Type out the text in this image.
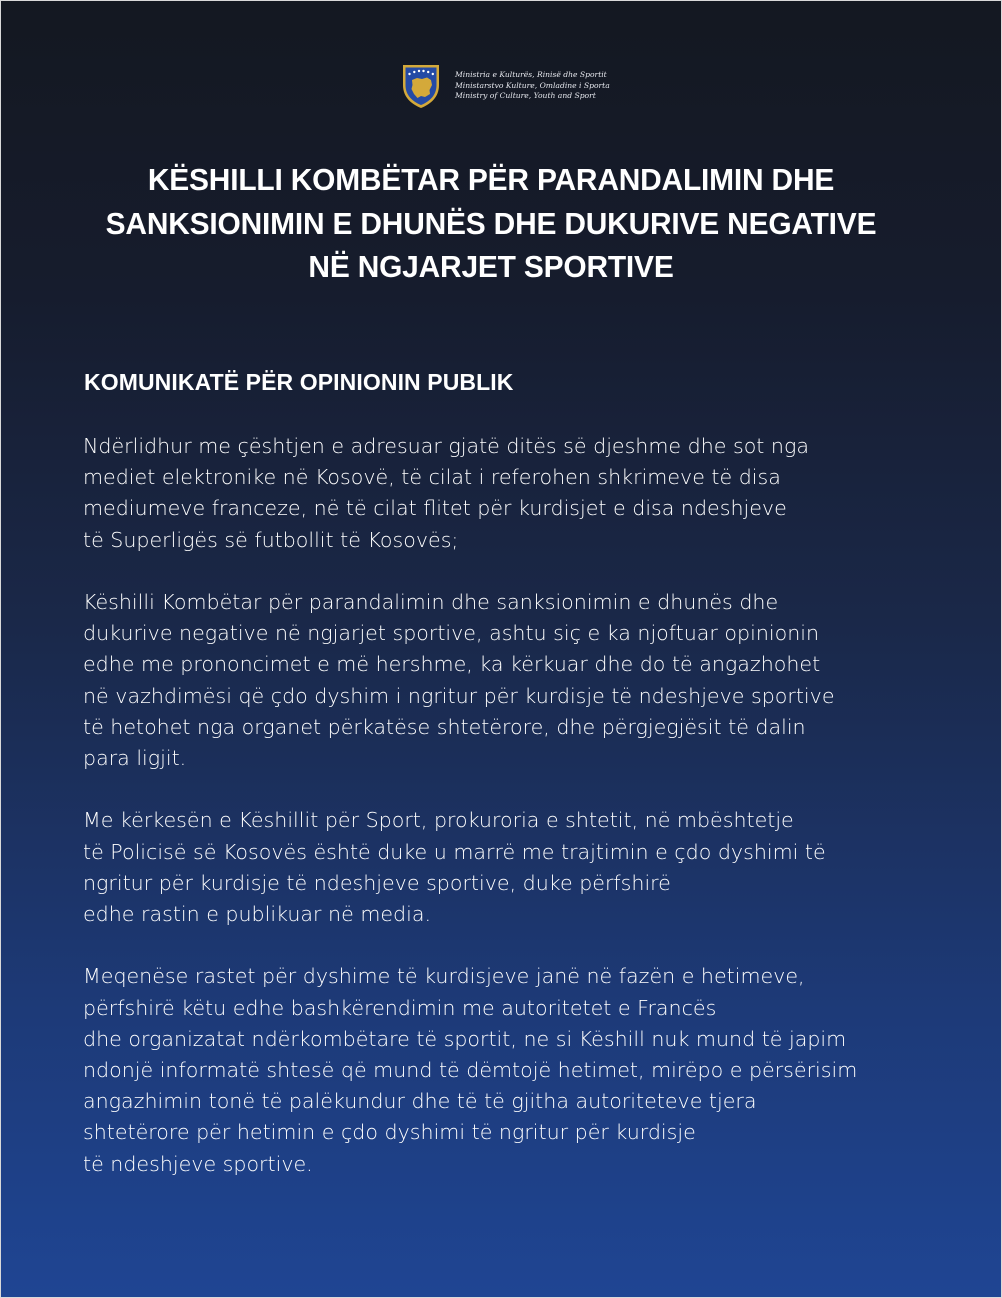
Ministria e Kulturës, Rinisë dhe Sportit
Ministarstvo Kulture, Omladine i Sporta
Ministry of Culture, Youth and Sport
KËSHILLI KOMBËTAR PËR PARANDALIMIN DHE
SANKSIONIMIN E DHUNËS DHE DUKURIVE NEGATIVE
NË NGJARJET SPORTIVE
KOMUNIKATË PËR OPINIONIN PUBLIK
Ndërlidhur me çështjen e adresuar gjatë ditës së djeshme dhe sot nga
mediet elektronike në Kosovë, të cilat i referohen shkrimeve të disa
mediumeve franceze, në të cilat flitet për kurdisjet e disa ndeshjeve
të Superligës së futbollit të Kosovës;
Këshilli Kombëtar për parandalimin dhe sanksionimin e dhunës dhe
dukurive negative në ngjarjet sportive, ashtu siç e ka njoftuar opinionin
edhe me prononcimet e më hershme, ka kërkuar dhe do të angazhohet
në vazhdimësi që çdo dyshim i ngritur për kurdisje të ndeshjeve sportive
të hetohet nga organet përkatëse shtetërore, dhe përgjegjësit të dalin
para ligjit.
Me kërkesën e Këshillit për Sport, prokuroria e shtetit, në mbështetje
të Policisë së Kosovës është duke u marrë me trajtimin e çdo dyshimi të
ngritur për kurdisje të ndeshjeve sportive, duke përfshirë
edhe rastin e publikuar në media.
Meqenëse rastet për dyshime të kurdisjeve janë në fazën e hetimeve,
përfshirë këtu edhe bashkërendimin me autoritetet e Francës
dhe organizatat ndërkombëtare të sportit, ne si Këshill nuk mund të japim
ndonjë informatë shtesë që mund të dëmtojë hetimet, mirëpo e përsërisim
angazhimin tonë të palëkundur dhe të të gjitha autoriteteve tjera
shtetërore për hetimin e çdo dyshimi të ngritur për kurdisje
të ndeshjeve sportive.
